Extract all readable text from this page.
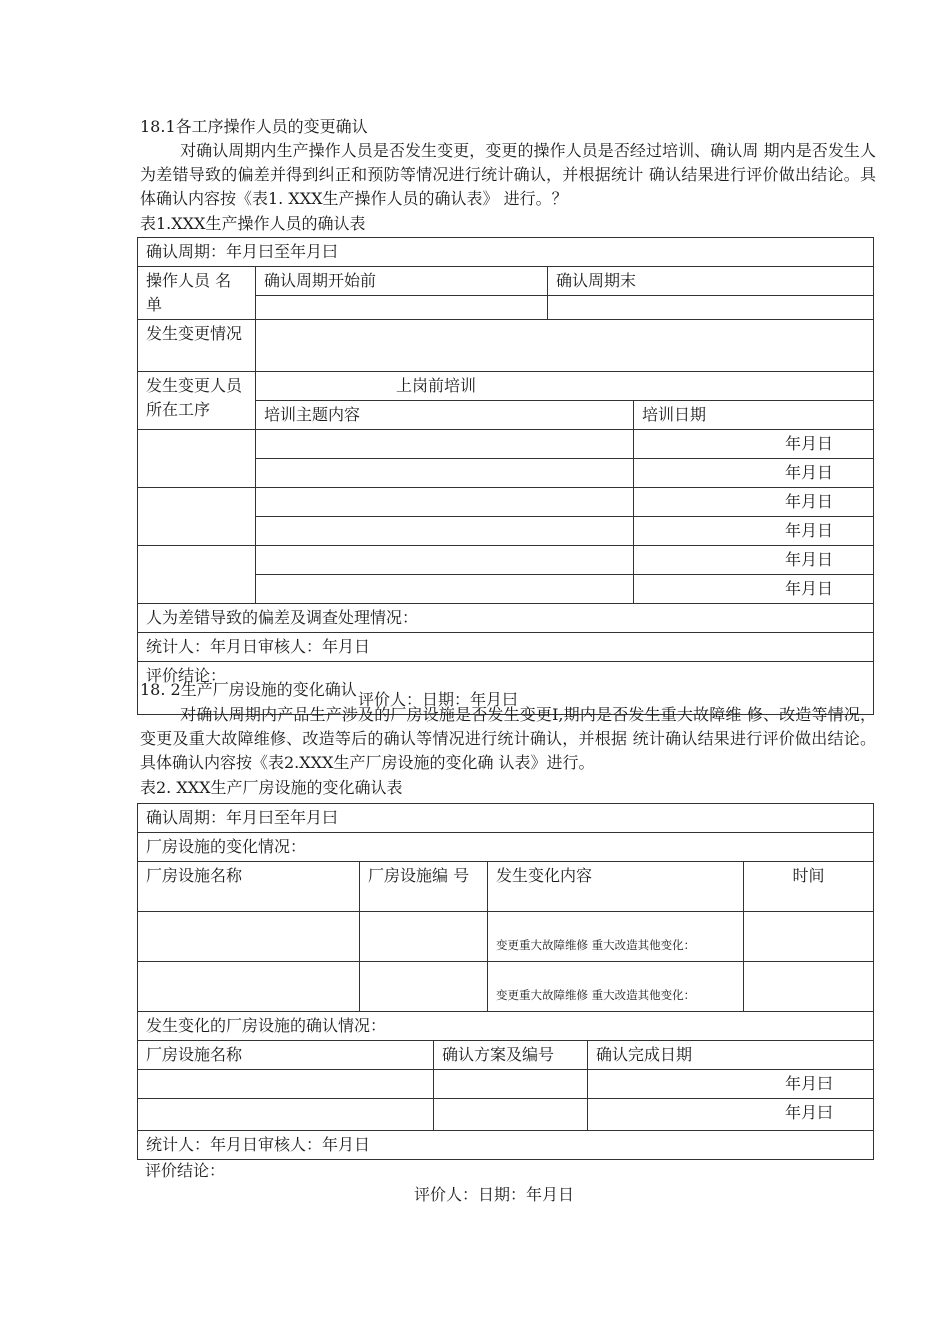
18.1各工序操作人员的变更确认
对确认周期内生产操作人员是否发生变更，变更的操作人员是否经过培训、确认周 期内是否发生人为差错导致的偏差并得到纠正和预防等情况进行统计确认，并根据统计 确认结果进行评价做出结论。具体确认内容按《表1. XXX生产操作人员的确认表》 进行。？
表1.XXX生产操作人员的确认表
确认周期：年月曰至年月曰			
操作人员 名单	确认周期开始前	确认周期末	

发生变更情况			
发生变更人员所在工序	上岗前培训		
	培训主题内容		培训日期
			年月日
			年月日
			年月日
			年月日
			年月日
			年月日
人为差错导致的偏差及调查处理情况：			
统计人：年月日审核人：年月日			

评价结论：
评价人：日期：年月曰			
18. 2生产厂房设施的变化确认
对确认周期内产品生产涉及的厂房设施是否发生变更I,期内是否发生重大故障维 修、改造等情况，变更及重大故障维修、改造等后的确认等情况进行统计确认，并根据 统计确认结果进行评价做出结论。具体确认内容按《表2.XXX生产厂房设施的变化确 认表》进行。
表2. XXX生产厂房设施的变化确认表
确认周期：年月曰至年月曰					
厂房设施的变化情况：					
厂房设施名称	厂房设施编 号		发生变化内容		时间
			变更重大故障维修 重大改造其他变化：		
			变更重大故障维修 重大改造其他变化：		
发生变化的厂房设施的确认情况：					
厂房设施名称		确认方案及编号		确认完成日期	
				年月曰	
				年月曰	
统计人：年月日审核人：年月日					
评价结论：
评价人：日期：年月日
